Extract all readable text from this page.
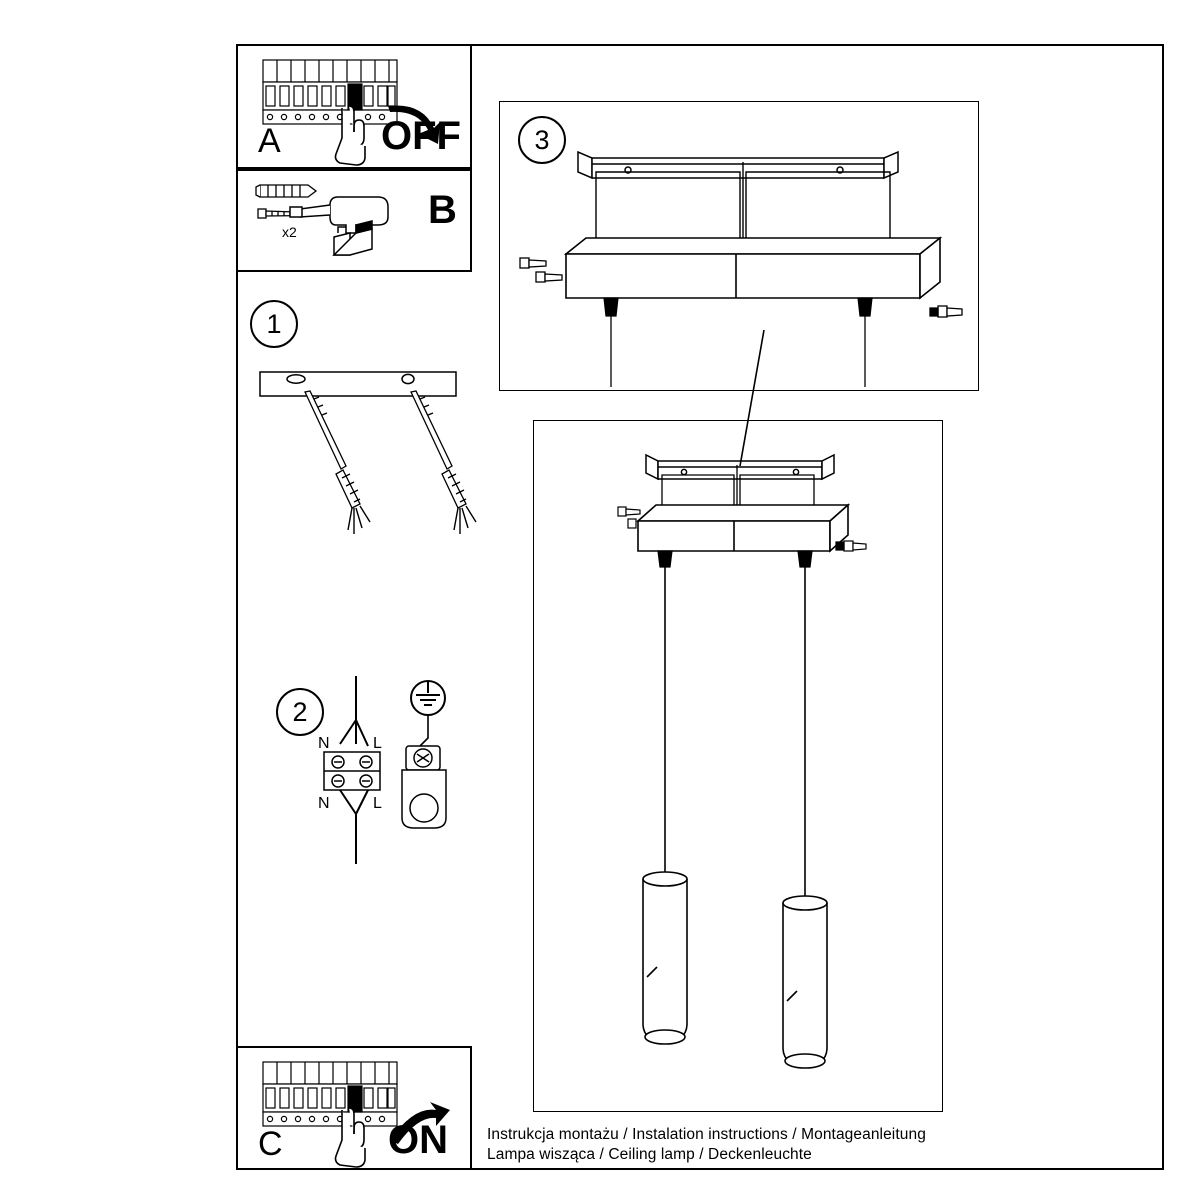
A	OFF
x2	B
1
2
N	L
N	L
3
C	ON	Instrukcja montażu / Instalation instructions / Montageanleitung
Lampa wisząca / Ceiling lamp / Deckenleuchte
